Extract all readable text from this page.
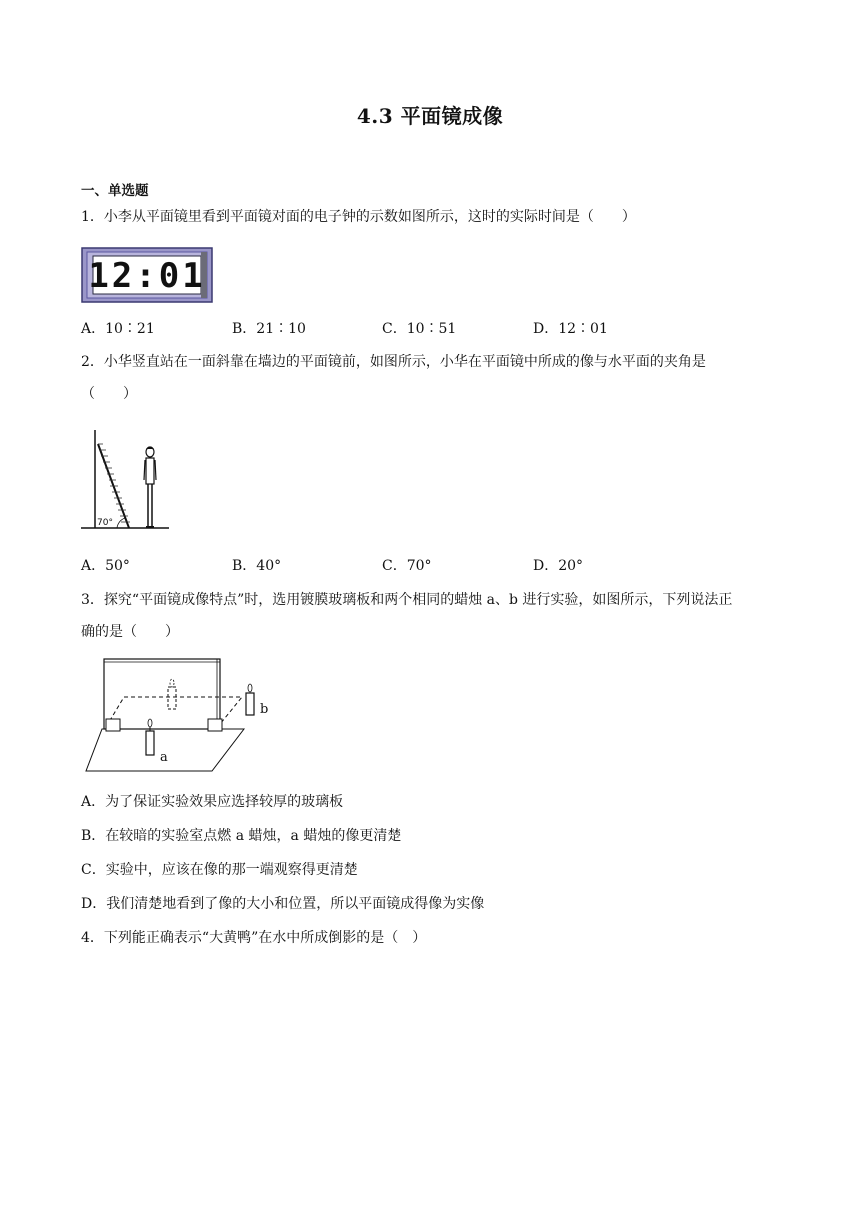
4.3 平面镜成像
一、单选题
1．小李从平面镜里看到平面镜对面的电子钟的示数如图所示，这时的实际时间是（　　）
12:01
A．10∶21	B．21∶10	C．10∶51	D．12∶01
2．小华竖直站在一面斜靠在墙边的平面镜前，如图所示，小华在平面镜中所成的像与水平面的夹角是
（　　）
70°
A．50°	B．40°	C．70°	D．20°
3．探究“平面镜成像特点”时，选用镀膜玻璃板和两个相同的蜡烛 a、b 进行实验，如图所示，下列说法正
确的是（　　）
a
b
A．为了保证实验效果应选择较厚的玻璃板
B．在较暗的实验室点燃 a 蜡烛，a 蜡烛的像更清楚
C．实验中，应该在像的那一端观察得更清楚
D．我们清楚地看到了像的大小和位置，所以平面镜成得像为实像
4．下列能正确表示“大黄鸭”在水中所成倒影的是（　）
